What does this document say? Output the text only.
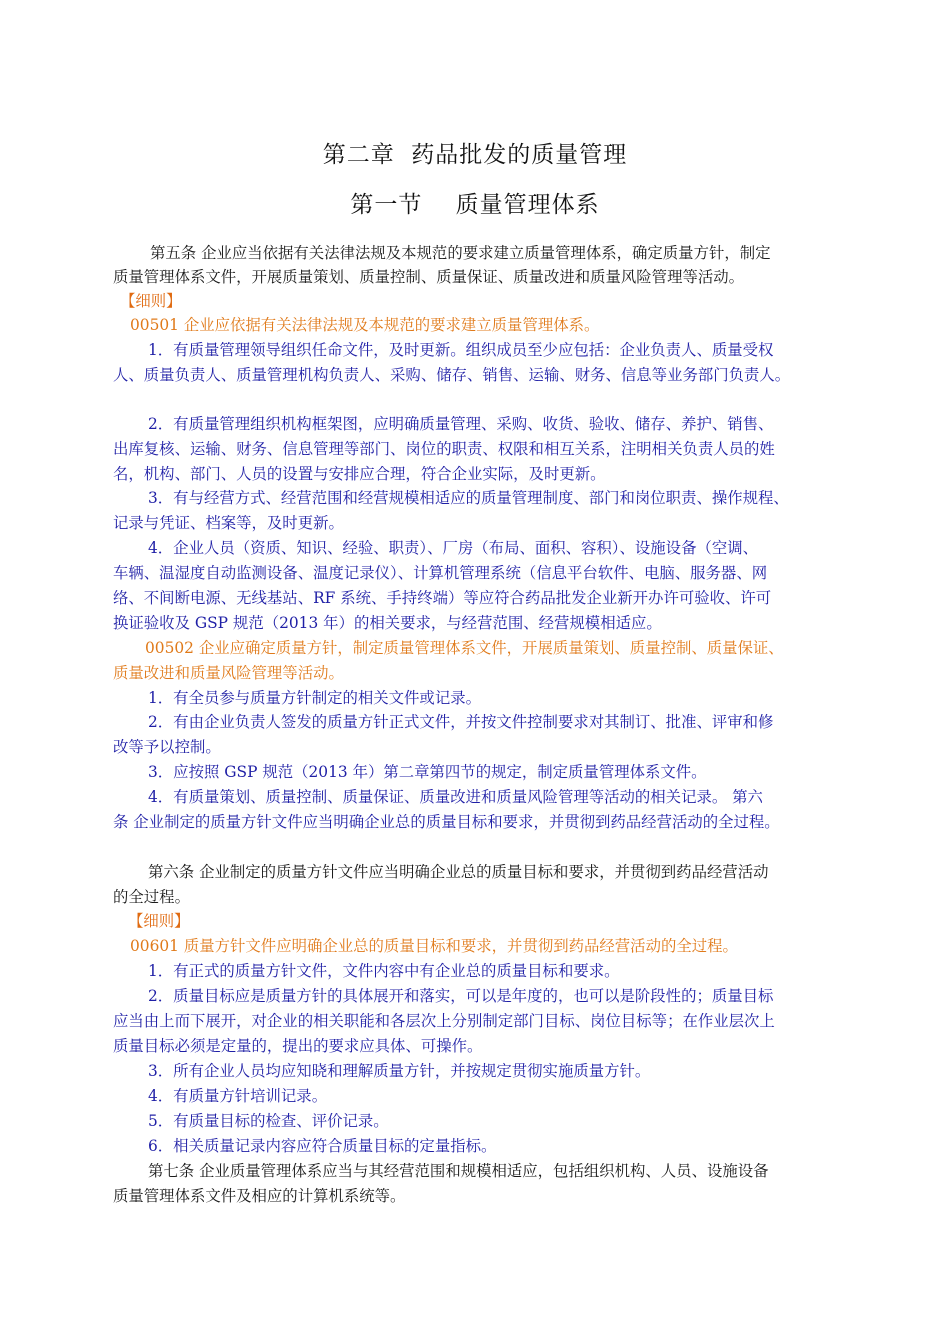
第二章  药品批发的质量管理
第一节    质量管理体系
第五条 企业应当依据有关法律法规及本规范的要求建立质量管理体系，确定质量方针，制定
质量管理体系文件，开展质量策划、质量控制、质量保证、质量改进和质量风险管理等活动。
【细则】
00501 企业应依据有关法律法规及本规范的要求建立质量管理体系。
1．有质量管理领导组织任命文件，及时更新。组织成员至少应包括：企业负责人、质量受权
人、质量负责人、质量管理机构负责人、采购、储存、销售、运输、财务、信息等业务部门负责人。
2．有质量管理组织机构框架图，应明确质量管理、采购、收货、验收、储存、养护、销售、
出库复核、运输、财务、信息管理等部门、岗位的职责、权限和相互关系，注明相关负责人员的姓
名，机构、部门、人员的设置与安排应合理，符合企业实际，及时更新。
3．有与经营方式、经营范围和经营规模相适应的质量管理制度、部门和岗位职责、操作规程、
记录与凭证、档案等，及时更新。
4．企业人员（资质、知识、经验、职责）、厂房（布局、面积、容积）、设施设备（空调、
车辆、温湿度自动监测设备、温度记录仪）、计算机管理系统（信息平台软件、电脑、服务器、网
络、不间断电源、无线基站、RF 系统、手持终端）等应符合药品批发企业新开办许可验收、许可
换证验收及 GSP 规范（2013 年）的相关要求，与经营范围、经营规模相适应。
00502 企业应确定质量方针，制定质量管理体系文件，开展质量策划、质量控制、质量保证、
质量改进和质量风险管理等活动。
1．有全员参与质量方针制定的相关文件或记录。
2．有由企业负责人签发的质量方针正式文件，并按文件控制要求对其制订、批准、评审和修
改等予以控制。
3．应按照 GSP 规范（2013 年）第二章第四节的规定，制定质量管理体系文件。
4．有质量策划、质量控制、质量保证、质量改进和质量风险管理等活动的相关记录。 第六
条 企业制定的质量方针文件应当明确企业总的质量目标和要求，并贯彻到药品经营活动的全过程。
第六条 企业制定的质量方针文件应当明确企业总的质量目标和要求，并贯彻到药品经营活动
的全过程。
【细则】
00601 质量方针文件应明确企业总的质量目标和要求，并贯彻到药品经营活动的全过程。
1．有正式的质量方针文件，文件内容中有企业总的质量目标和要求。
2．质量目标应是质量方针的具体展开和落实，可以是年度的，也可以是阶段性的；质量目标
应当由上而下展开，对企业的相关职能和各层次上分别制定部门目标、岗位目标等；在作业层次上
质量目标必须是定量的，提出的要求应具体、可操作。
3．所有企业人员均应知晓和理解质量方针，并按规定贯彻实施质量方针。
4．有质量方针培训记录。
5．有质量目标的检查、评价记录。
6．相关质量记录内容应符合质量目标的定量指标。
第七条 企业质量管理体系应当与其经营范围和规模相适应，包括组织机构、人员、设施设备
质量管理体系文件及相应的计算机系统等。
